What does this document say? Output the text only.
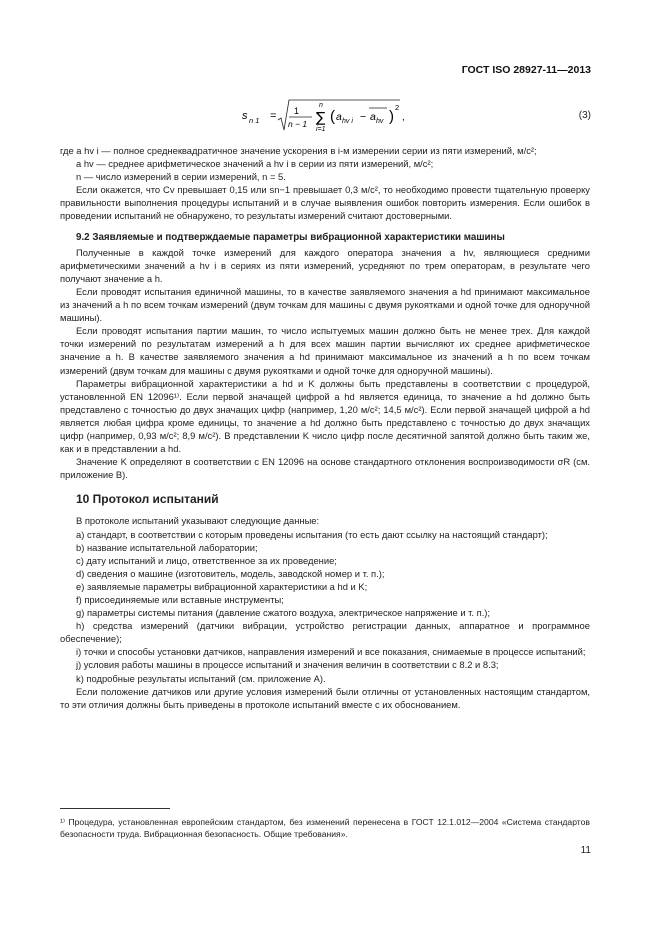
ГОСТ ISO 28927-11—2013
s n 1 = 1
n − 1
n
∑
i=1
( a hv i − a hv )
2
,	(3)

где a hv i — полное среднеквадратичное значение ускорения в i-м измерении серии из пяти измерений, м/с²;

a hv — среднее арифметическое значений a hv i в серии из пяти измерений, м/с²;

n — число измерений в серии измерений, n = 5.

Если окажется, что Cv превышает 0,15 или sn−1 превышает 0,3 м/с², то необходимо провести тщательную проверку правильности выполнения процедуры испытаний и в случае выявления ошибок повторить измерения. Если ошибок в проведении испытаний не обнаружено, то результаты измерений считают достоверными.

9.2 Заявляемые и подтверждаемые параметры вибрационной характеристики машины

Полученные в каждой точке измерений для каждого оператора значения a hv, являющиеся средними арифметическими значений a hv i в сериях из пяти измерений, усредняют по трем операторам, в результате чего получают значение a h.

Если проводят испытания единичной машины, то в качестве заявляемого значения a hd принимают максимальное из значений a h по всем точкам измерений (двум точкам для машины с двумя рукоятками и одной точке для одноручной машины).

Если проводят испытания партии машин, то число испытуемых машин должно быть не менее трех. Для каждой точки измерений по результатам измерений a h для всех машин партии вычисляют их среднее арифметическое значение a h. В качестве заявляемого значения a hd принимают максимальное из значений a h по всем точкам измерений (двум точкам для машины с двумя рукоятками и одной точке для одноручной машины).

Параметры вибрационной характеристики a hd и K должны быть представлены в соответствии с процедурой, установленной EN 12096¹⁾. Если первой значащей цифрой a hd является единица, то значение a hd должно быть представлено с точностью до двух значащих цифр (например, 1,20 м/с²; 14,5 м/с²). Если первой значащей цифрой a hd является любая цифра кроме единицы, то значение a hd должно быть представлено с точностью до двух значащих цифр (например, 0,93 м/с²; 8,9 м/с²). В представлении K число цифр после десятичной запятой должно быть таким же, как и в представлении a hd.

Значение K определяют в соответствии с EN 12096 на основе стандартного отклонения воспроизводимости σR (см. приложение В).

10 Протокол испытаний

В протоколе испытаний указывают следующие данные:

а) стандарт, в соответствии с которым проведены испытания (то есть дают ссылку на настоящий стандарт);

b) название испытательной лаборатории;

с) дату испытаний и лицо, ответственное за их проведение;

d) сведения о машине (изготовитель, модель, заводской номер и т. п.);

е) заявляемые параметры вибрационной характеристики a hd и K;

f) присоединяемые или вставные инструменты;

g) параметры системы питания (давление сжатого воздуха, электрическое напряжение и т. п.);

h) средства измерений (датчики вибрации, устройство регистрации данных, аппаратное и программное обеспечение);

i) точки и способы установки датчиков, направления измерений и все показания, снимаемые в процессе испытаний;

j) условия работы машины в процессе испытаний и значения величин в соответствии с 8.2 и 8.3;

k) подробные результаты испытаний (см. приложение А).

Если положение датчиков или другие условия измерений были отличны от установленных настоящим стандартом, то эти отличия должны быть приведены в протоколе испытаний вместе с их обоснованием.

¹⁾ Процедура, установленная европейским стандартом, без изменений перенесена в ГОСТ 12.1.012—2004 «Система стандартов безопасности труда. Вибрационная безопасность. Общие требования».
11
